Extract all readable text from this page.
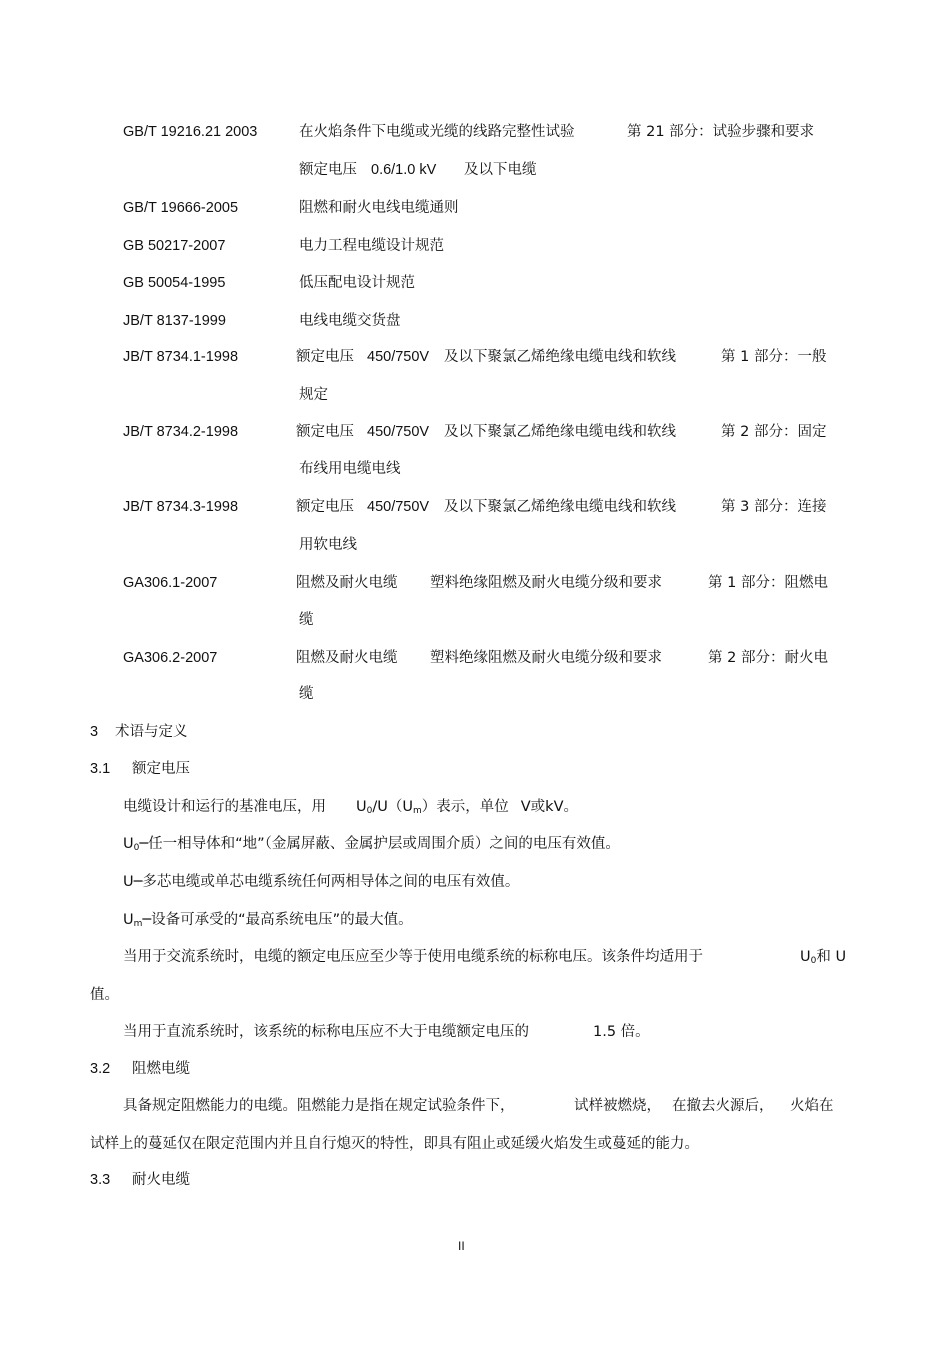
GB/T 19216.21 2003	在火焰条件下电缆或光缆的线路完整性试验	第 21 部分：试验步骤和要求
额定电压 0.6/1.0 kV 及以下电缆
GB/T 19666-2005	阻燃和耐火电线电缆通则
GB 50217-2007	电力工程电缆设计规范
GB 50054-1995	低压配电设计规范
JB/T 8137-1999	电线电缆交货盘
JB/T 8734.1-1998	额定电压 450/750V 及以下聚氯乙烯绝缘电缆电线和软线	第 1 部分：一般
规定
JB/T 8734.2-1998	额定电压 450/750V 及以下聚氯乙烯绝缘电缆电线和软线	第 2 部分：固定
布线用电缆电线
JB/T 8734.3-1998	额定电压 450/750V 及以下聚氯乙烯绝缘电缆电线和软线	第 3 部分：连接
用软电线
GA306.1-2007	阻燃及耐火电缆 塑料绝缘阻燃及耐火电缆分级和要求	第 1 部分：阻燃电
缆
GA306.2-2007	阻燃及耐火电缆 塑料绝缘阻燃及耐火电缆分级和要求	第 2 部分：耐火电
缆
3 术语与定义
3.1 额定电压
电缆设计和运行的基准电压，用 $U_0/U(U_m)$表示，单位 V或kV。
$U_0─$任一相导体和“地”（金属屏蔽、金属护层或周围介质）之间的电压有效值。
U─多芯电缆或单芯电缆系统任何两相导体之间的电压有效值。
$U_m─$设备可承受的“最高系统电压”的最大值。
当用于交流系统时，电缆的额定电压应至少等于使用电缆系统的标称电压。该条件均适用于	$U_0$和 U
值。
当用于直流系统时，该系统的标称电压应不大于电缆额定电压的	1.5 倍。
3.2 阻燃电缆
具备规定阻燃能力的电缆。阻燃能力是指在规定试验条件下，	试样被燃烧， 在撤去火源后， 火焰在
试样上的蔓延仅在限定范围内并且自行熄灭的特性，即具有阻止或延缓火焰发生或蔓延的能力。
3.3 耐火电缆
II
